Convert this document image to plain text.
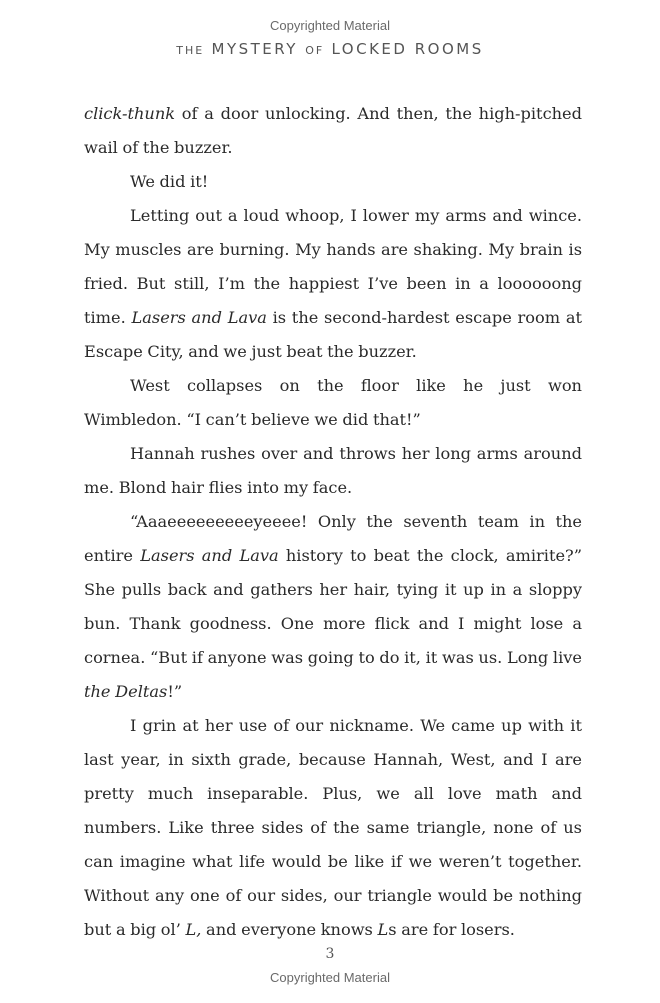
Copyrighted Material
THE MYSTERY OF LOCKED ROOMS

click-thunk of a door unlocking. And then, the high-pitched wail of the buzzer.

We did it!

Letting out a loud whoop, I lower my arms and wince. My muscles are burning. My hands are shaking. My brain is fried. But still, I’m the happiest I’ve been in a loooooong time. Lasers and Lava is the second-hardest escape room at Escape City, and we just beat the buzzer.

West collapses on the floor like he just won Wimbledon. “I can’t believe we did that!”

Hannah rushes over and throws her long arms around me. Blond hair flies into my face.

“Aaaeeeeeeeeeyeeee! Only the seventh team in the entire Lasers and Lava history to beat the clock, amirite?” She pulls back and gathers her hair, tying it up in a sloppy bun. Thank goodness. One more flick and I might lose a cornea. “But if anyone was going to do it, it was us. Long live the Deltas!”

I grin at her use of our nickname. We came up with it last year, in sixth grade, because Hannah, West, and I are pretty much inseparable. Plus, we all love math and numbers. Like three sides of the same triangle, none of us can imagine what life would be like if we weren’t together. Without any one of our sides, our triangle would be nothing but a big ol’ L, and everyone knows Ls are for losers.

3
Copyrighted Material
